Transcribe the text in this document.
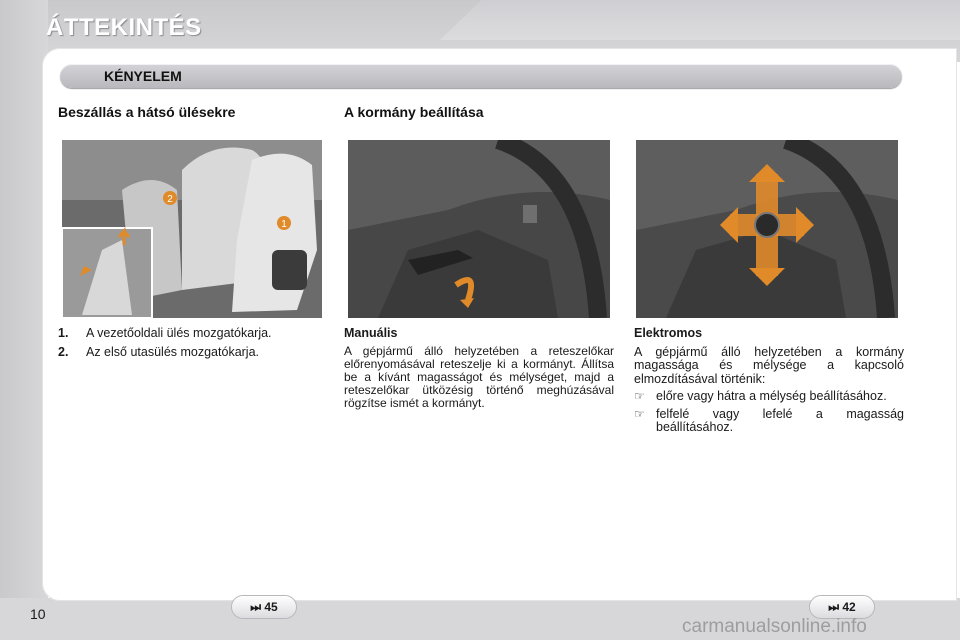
ÁTTEKINTÉS
KÉNYELEM
Beszállás a hátsó ülésekre	A kormány beállítása
2
1
1.	A vezetőoldali ülés mozgatókarja.
2.	Az első utasülés mozgatókarja.
Manuális

A gépjármű álló helyzetében a reteszelőkar előrenyomásával reteszelje ki a kormányt. Állítsa be a kívánt magasságot és mélységet, majd a reteszelőkar ütközésig történő meghúzásával rögzítse ismét a kormányt.

Elektromos

A gépjármű álló helyzetében a kormány magassága és mélysége a kapcsoló elmozdításával történik:

☞ előre vagy hátra a mélység beállításához.
☞ felfelé vagy lefelé a magasság beállításához.
⏭ 45	⏭ 42
10
carmanualsonline.info
